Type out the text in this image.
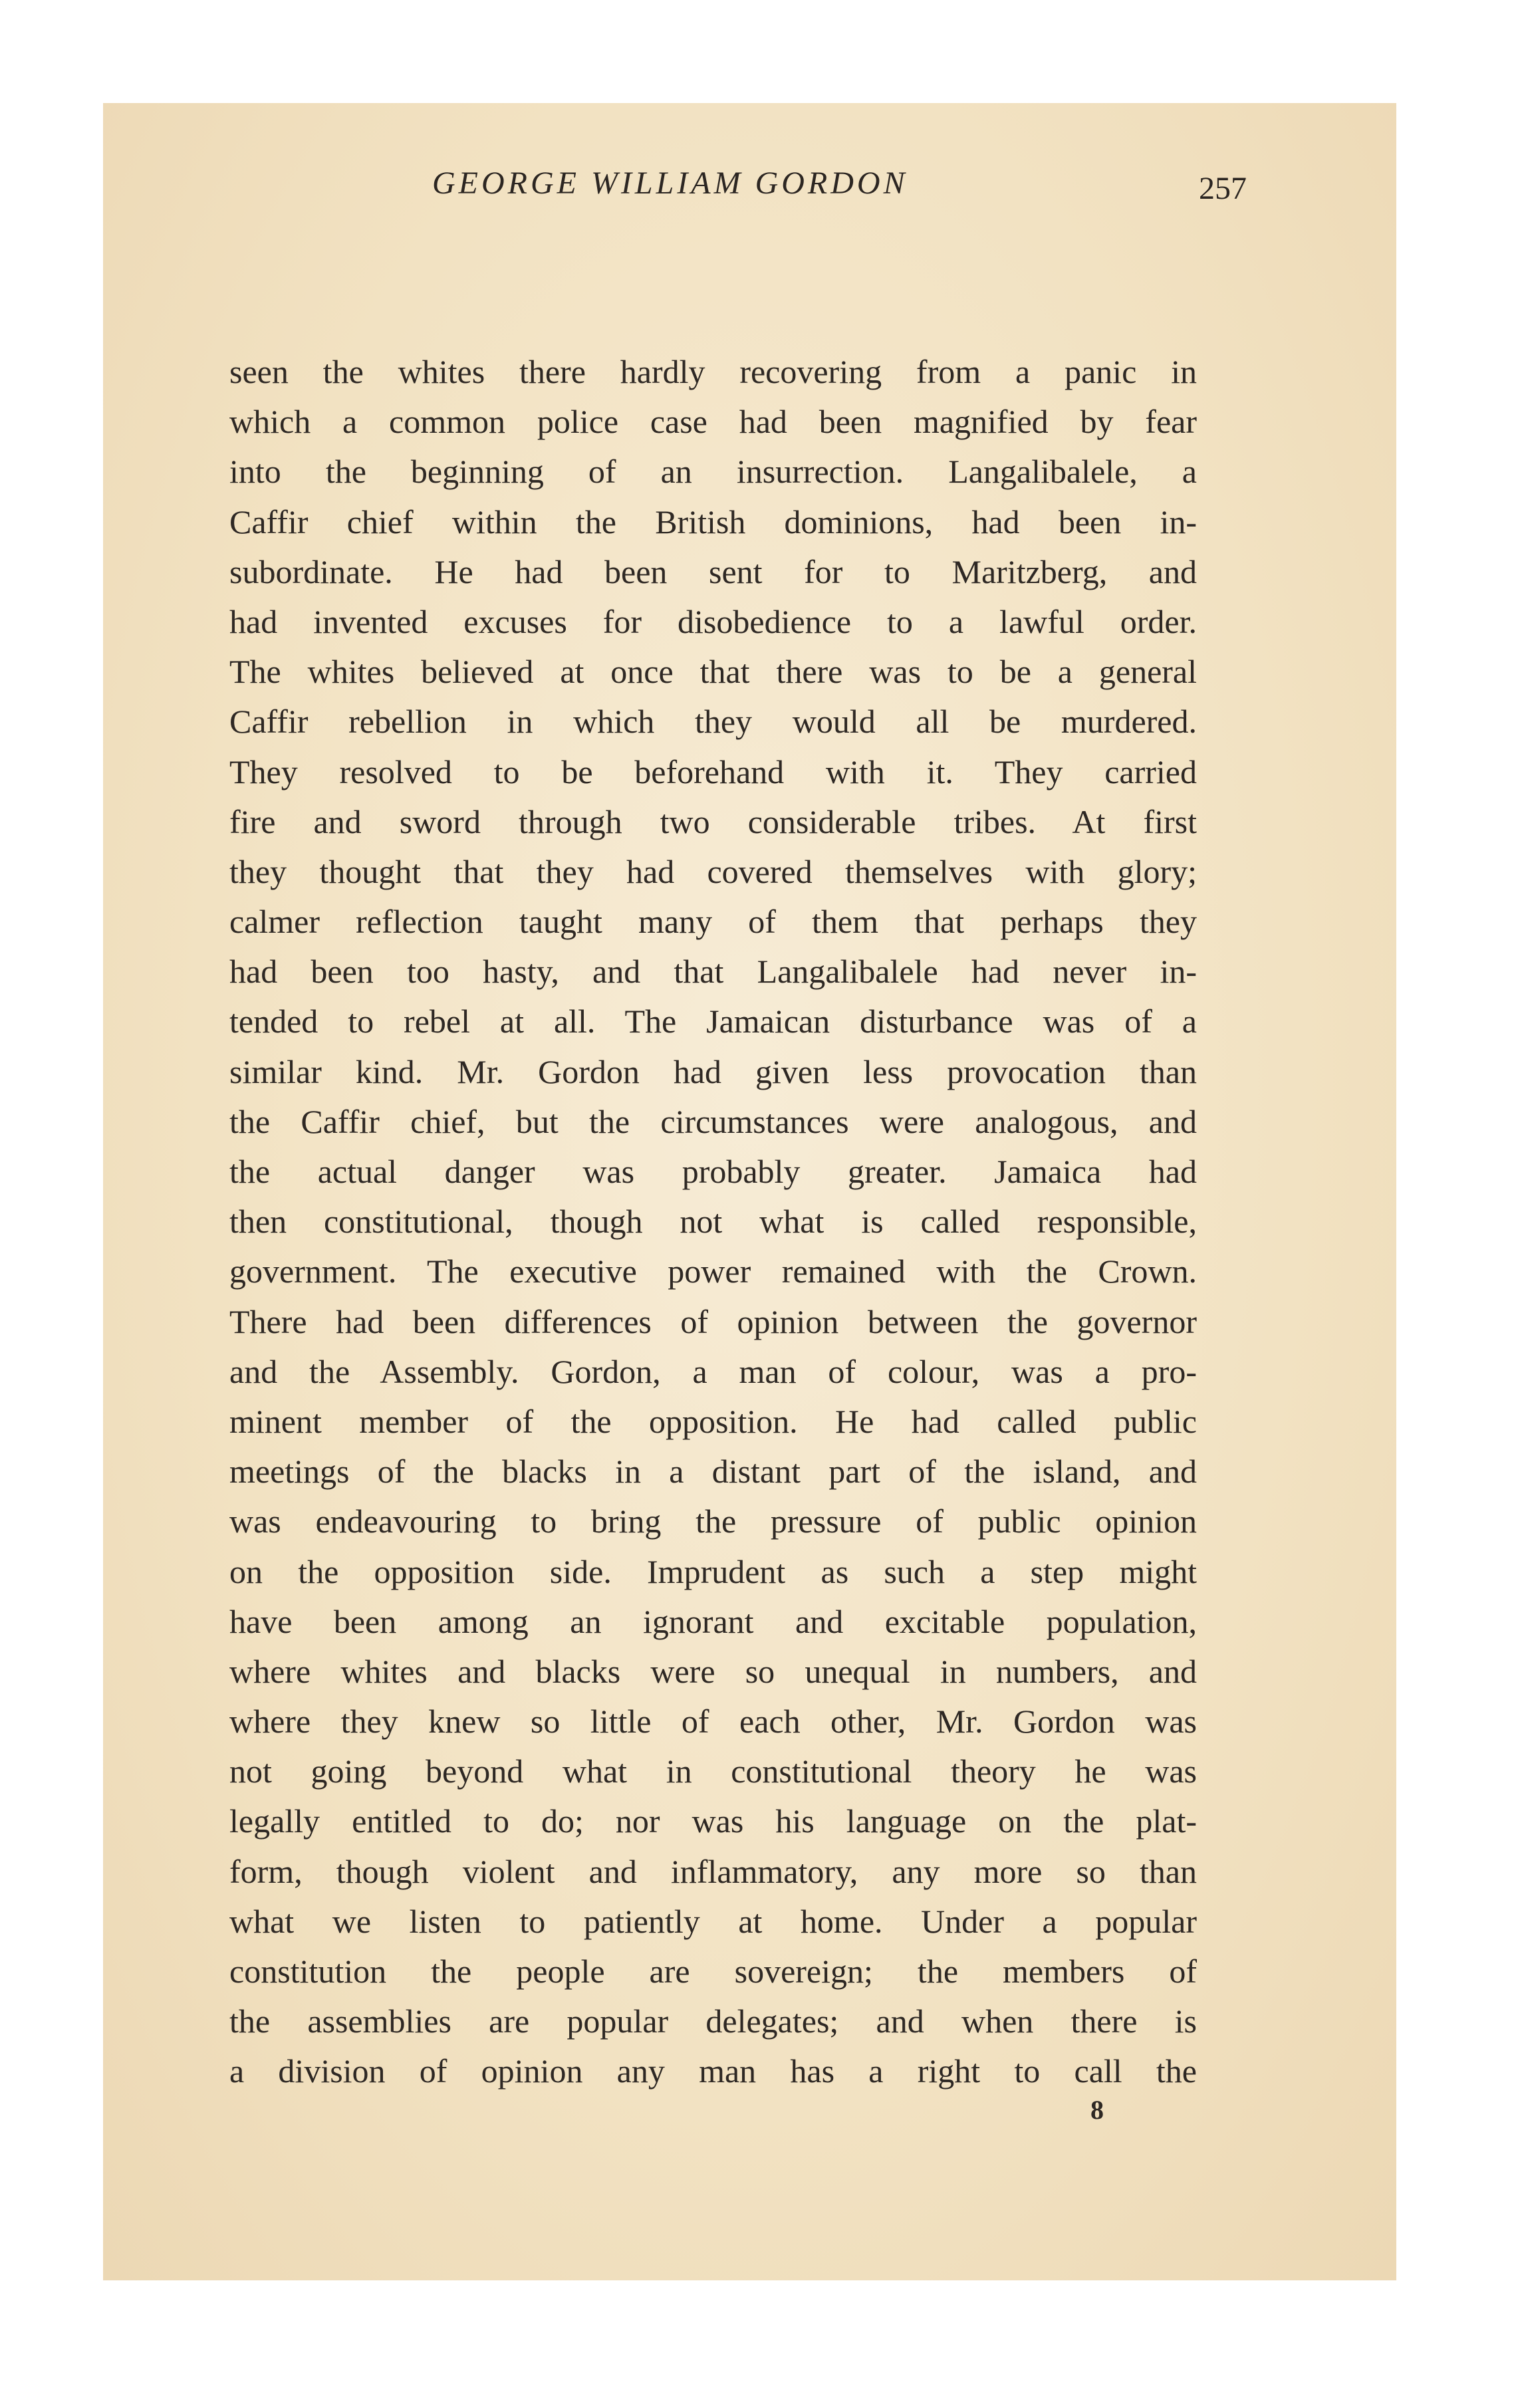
GEORGE WILLIAM GORDON	257
seen the whites there hardly recovering from a panic in
which a common police case had been magnified by fear
into the beginning of an insurrection. Langalibalele, a
Caffir chief within the British dominions, had been in-
subordinate. He had been sent for to Maritzberg, and
had invented excuses for disobedience to a lawful order.
The whites believed at once that there was to be a general
Caffir rebellion in which they would all be murdered.
They resolved to be beforehand with it. They carried
fire and sword through two considerable tribes. At first
they thought that they had covered themselves with glory;
calmer reflection taught many of them that perhaps they
had been too hasty, and that Langalibalele had never in-
tended to rebel at all. The Jamaican disturbance was of a
similar kind. Mr. Gordon had given less provocation than
the Caffir chief, but the circumstances were analogous, and
the actual danger was probably greater. Jamaica had
then constitutional, though not what is called responsible,
government. The executive power remained with the Crown.
There had been differences of opinion between the governor
and the Assembly. Gordon, a man of colour, was a pro-
minent member of the opposition. He had called public
meetings of the blacks in a distant part of the island, and
was endeavouring to bring the pressure of public opinion
on the opposition side. Imprudent as such a step might
have been among an ignorant and excitable population,
where whites and blacks were so unequal in numbers, and
where they knew so little of each other, Mr. Gordon was
not going beyond what in constitutional theory he was
legally entitled to do; nor was his language on the plat-
form, though violent and inflammatory, any more so than
what we listen to patiently at home. Under a popular
constitution the people are sovereign; the members of
the assemblies are popular delegates; and when there is
a division of opinion any man has a right to call the
8
